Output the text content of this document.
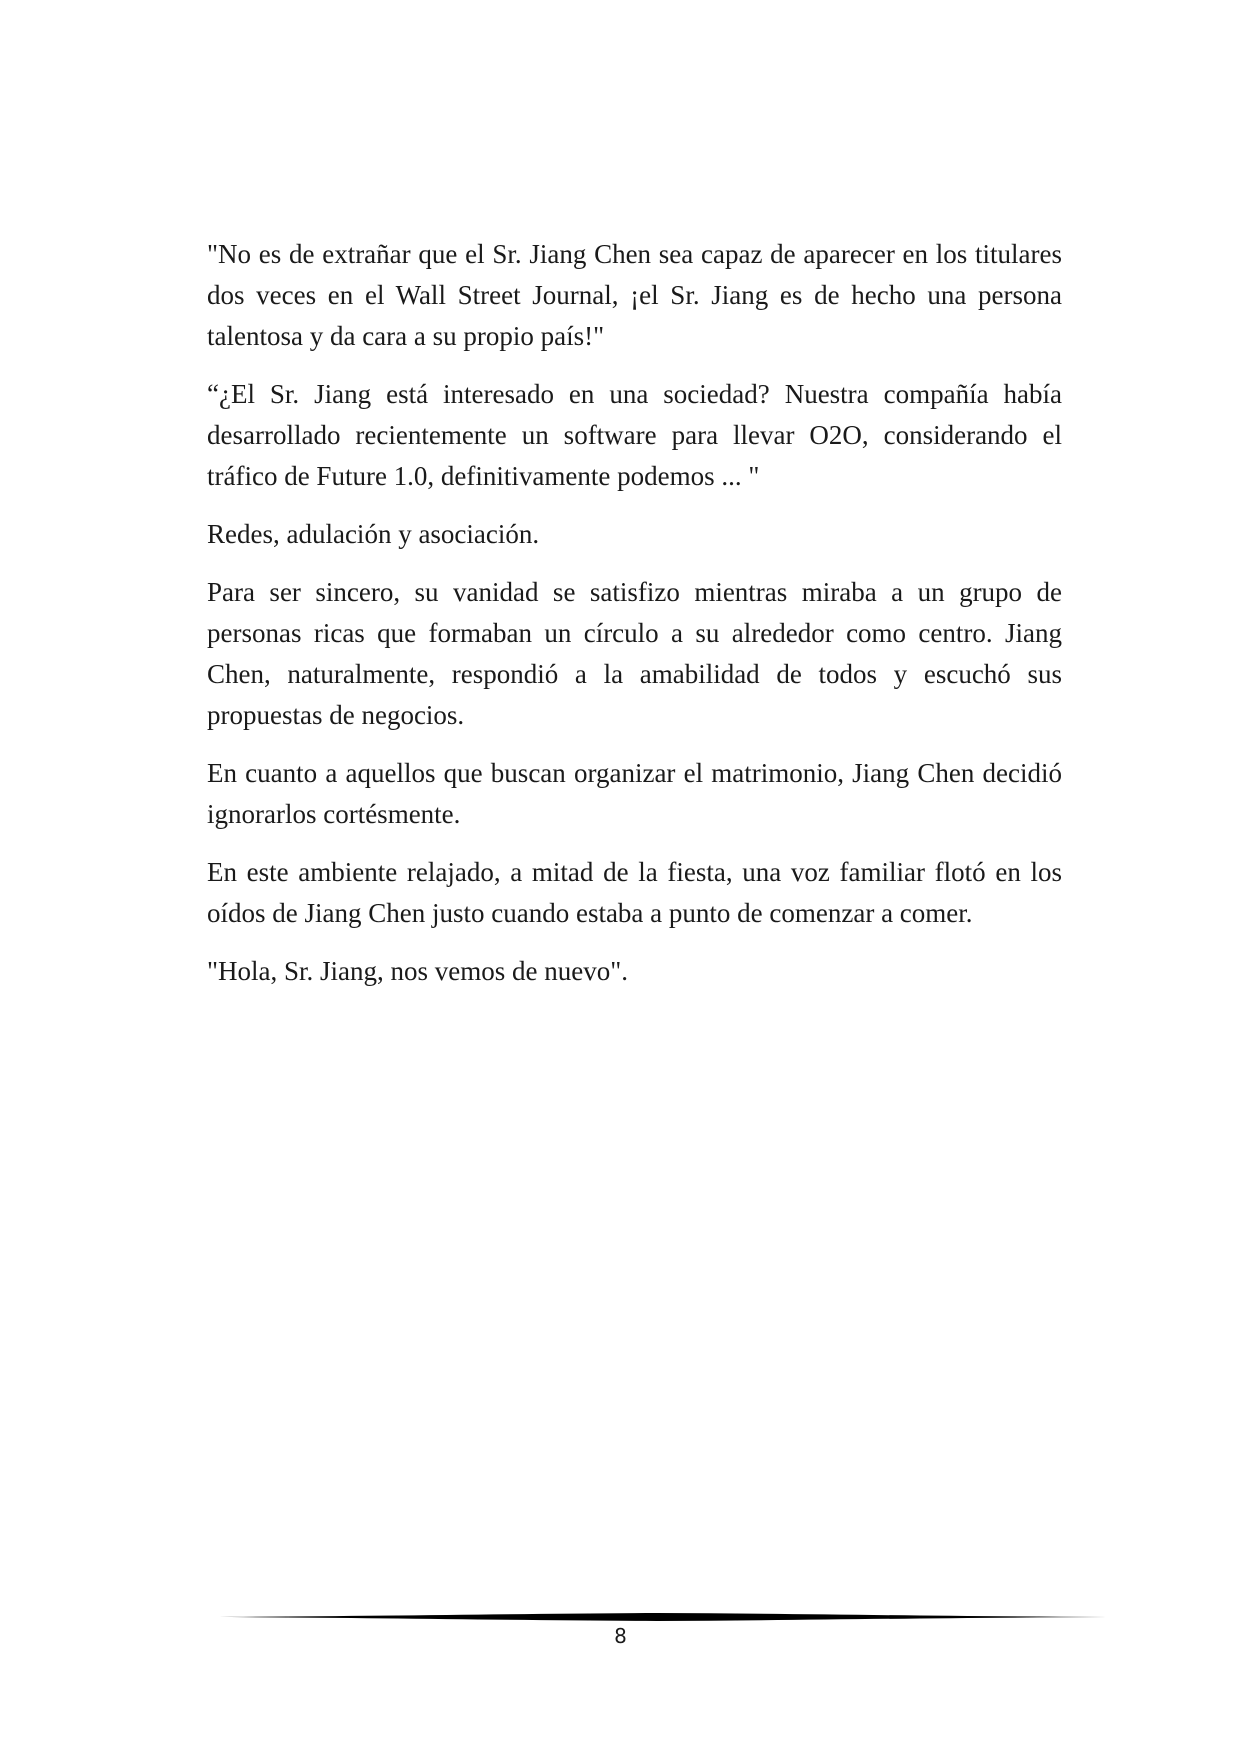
"No es de extrañar que el Sr. Jiang Chen sea capaz de aparecer en los titulares dos veces en el Wall Street Journal, ¡el Sr. Jiang es de hecho una persona talentosa y da cara a su propio país!"

“¿El Sr. Jiang está interesado en una sociedad? Nuestra compañía había desarrollado recientemente un software para llevar O2O, considerando el tráfico de Future 1.0, definitivamente podemos ... "

Redes, adulación y asociación.

Para ser sincero, su vanidad se satisfizo mientras miraba a un grupo de personas ricas que formaban un círculo a su alrededor como centro. Jiang Chen, naturalmente, respondió a la amabilidad de todos y escuchó sus propuestas de negocios.

En cuanto a aquellos que buscan organizar el matrimonio, Jiang Chen decidió ignorarlos cortésmente.

En este ambiente relajado, a mitad de la fiesta, una voz familiar flotó en los oídos de Jiang Chen justo cuando estaba a punto de comenzar a comer.

"Hola, Sr. Jiang, nos vemos de nuevo".

8
